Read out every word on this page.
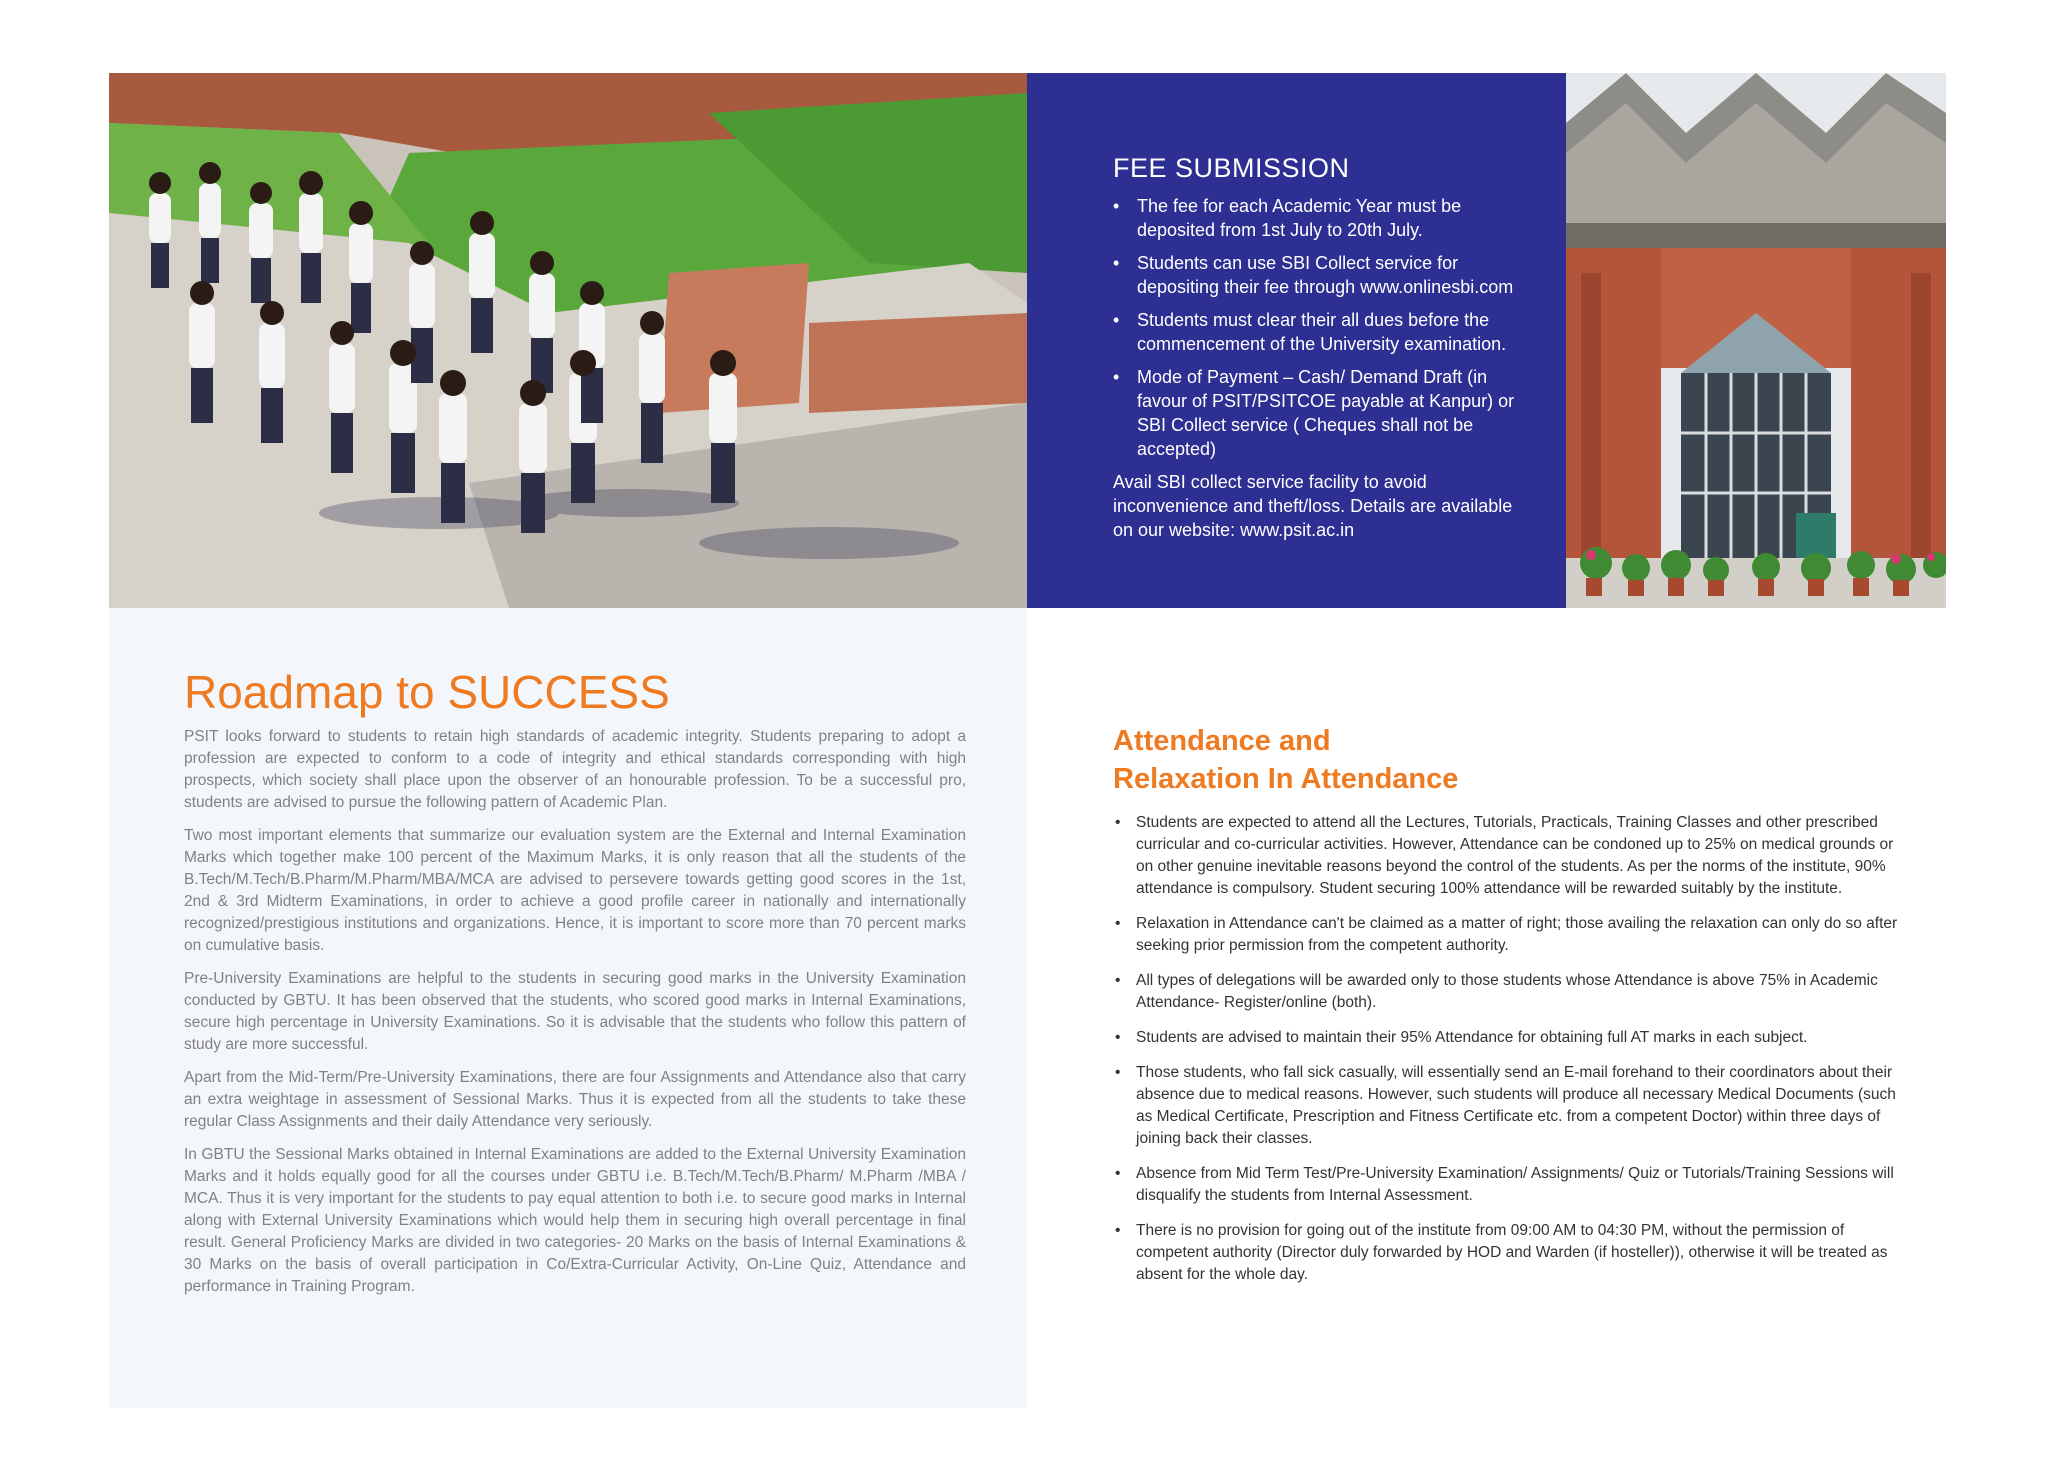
FEE SUBMISSION
• The fee for each Academic Year must be deposited from 1st July to 20th July.
• Students can use SBI Collect service for depositing their fee through www.onlinesbi.com
• Students must clear their all dues before the commencement of the University examination.
• Mode of Payment – Cash/ Demand Draft (in favour of PSIT/PSITCOE payable at Kanpur) or SBI Collect service ( Cheques shall not be accepted)

Avail SBI collect service facility to avoid inconvenience and theft/loss. Details are available on our website: www.psit.ac.in

Roadmap to SUCCESS

PSIT looks forward to students to retain high standards of academic integrity. Students preparing to adopt a profession are expected to conform to a code of integrity and ethical standards corresponding with high prospects, which society shall place upon the observer of an honourable profession. To be a successful pro, students are advised to pursue the following pattern of Academic Plan.

Two most important elements that summarize our evaluation system are the External and Internal Examination Marks which together make 100 percent of the Maximum Marks, it is only reason that all the students of the B.Tech/M.Tech/B.Pharm/M.Pharm/MBA/MCA are advised to persevere towards getting good scores in the 1st, 2nd & 3rd Midterm Examinations, in order to achieve a good profile career in nationally and internationally recognized/prestigious institutions and organizations. Hence, it is important to score more than 70 percent marks on cumulative basis.

Pre-University Examinations are helpful to the students in securing good marks in the University Examination conducted by GBTU. It has been observed that the students, who scored good marks in Internal Examinations, secure high percentage in University Examinations. So it is advisable that the students who follow this pattern of study are more successful.

Apart from the Mid-Term/Pre-University Examinations, there are four Assignments and Attendance also that carry an extra weightage in assessment of Sessional Marks. Thus it is expected from all the students to take these regular Class Assignments and their daily Attendance very seriously.

In GBTU the Sessional Marks obtained in Internal Examinations are added to the External University Examination Marks and it holds equally good for all the courses under GBTU i.e. B.Tech/M.Tech/B.Pharm/ M.Pharm /MBA / MCA. Thus it is very important for the students to pay equal attention to both i.e. to secure good marks in Internal along with External University Examinations which would help them in securing high overall percentage in final result. General Proficiency Marks are divided in two categories- 20 Marks on the basis of Internal Examinations & 30 Marks on the basis of overall participation in Co/Extra-Curricular Activity, On-Line Quiz, Attendance and performance in Training Program.

Attendance and
Relaxation In Attendance
• Students are expected to attend all the Lectures, Tutorials, Practicals, Training Classes and other prescribed curricular and co-curricular activities. However, Attendance can be condoned up to 25% on medical grounds or on other genuine inevitable reasons beyond the control of the students. As per the norms of the institute, 90% attendance is compulsory. Student securing 100% attendance will be rewarded suitably by the institute.
• Relaxation in Attendance can't be claimed as a matter of right; those availing the relaxation can only do so after seeking prior permission from the competent authority.
• All types of delegations will be awarded only to those students whose Attendance is above 75% in Academic Attendance- Register/online (both).
• Students are advised to maintain their 95% Attendance for obtaining full AT marks in each subject.
• Those students, who fall sick casually, will essentially send an E-mail forehand to their coordinators about their absence due to medical reasons. However, such students will produce all necessary Medical Documents (such as Medical Certificate, Prescription and Fitness Certificate etc. from a competent Doctor) within three days of joining back their classes.
• Absence from Mid Term Test/Pre-University Examination/ Assignments/ Quiz or Tutorials/Training Sessions will disqualify the students from Internal Assessment.
• There is no provision for going out of the institute from 09:00 AM to 04:30 PM, without the permission of competent authority (Director duly forwarded by HOD and Warden (if hosteller)), otherwise it will be treated as absent for the whole day.
